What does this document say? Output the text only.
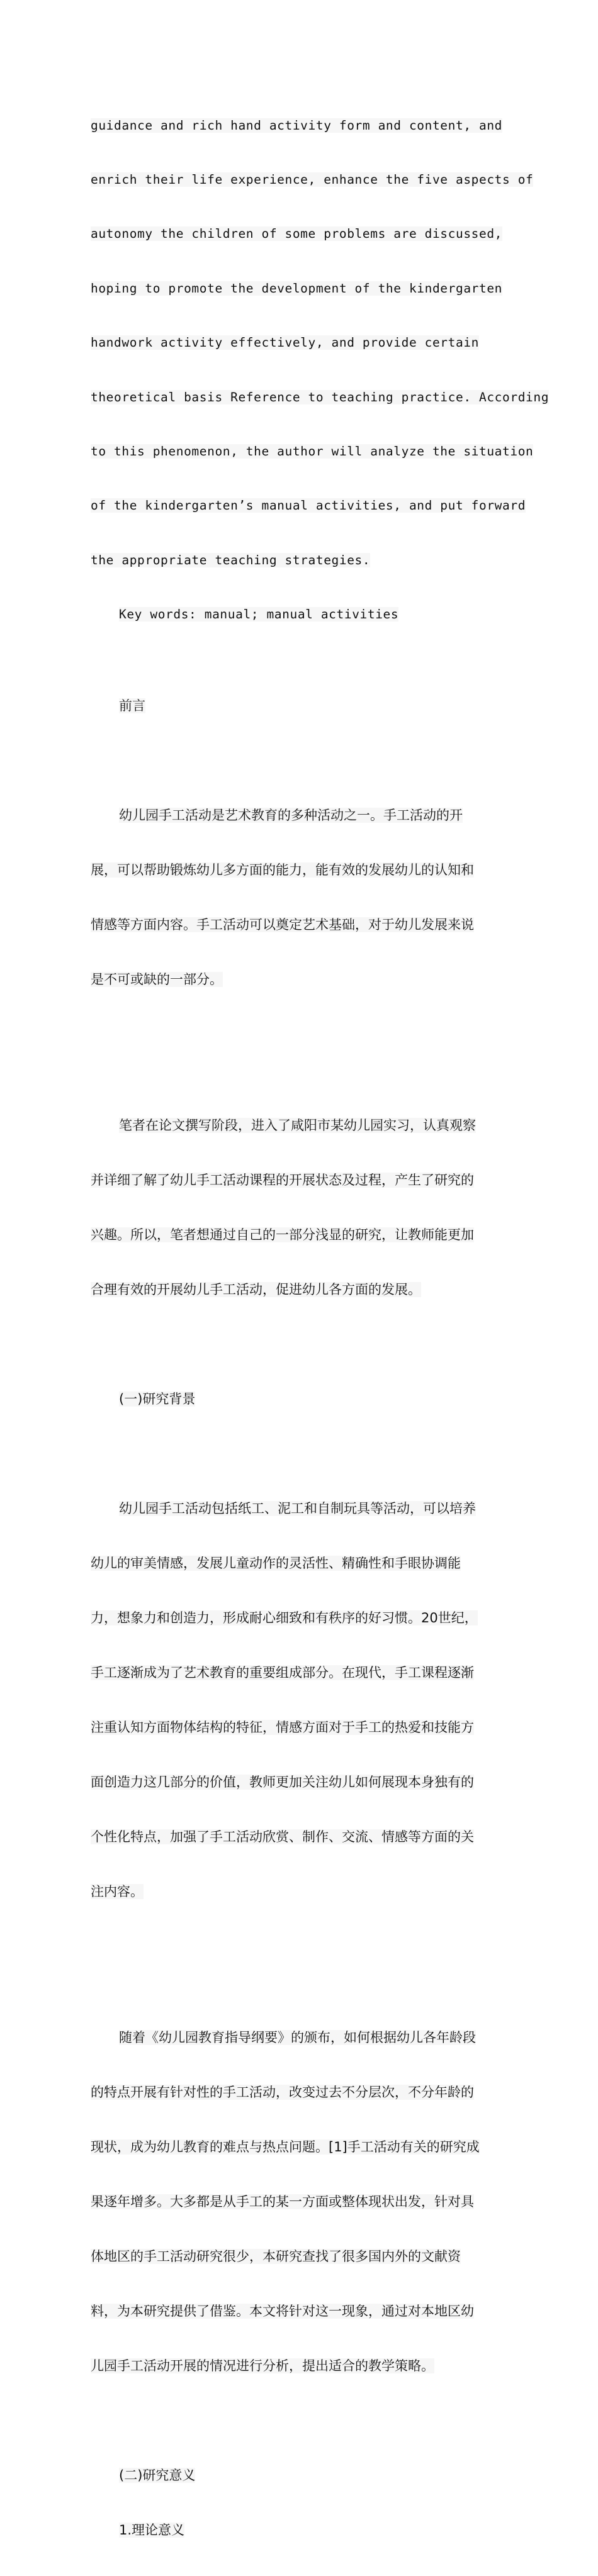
guidance and rich hand activity form and content, and

enrich their life experience, enhance the five aspects of

autonomy the children of some problems are discussed,

hoping to promote the development of the kindergarten

handwork activity effectively, and provide certain

theoretical basis Reference to teaching practice. According

to this phenomenon, the author will analyze the situation

of the kindergarten’s manual activities, and put forward

the appropriate teaching strategies.

Key words: manual; manual activities

前言

幼儿园手工活动是艺术教育的多种活动之一。手工活动的开

展，可以帮助锻炼幼儿多方面的能力，能有效的发展幼儿的认知和

情感等方面内容。手工活动可以奠定艺术基础，对于幼儿发展来说

是不可或缺的一部分。

笔者在论文撰写阶段，进入了咸阳市某幼儿园实习，认真观察

并详细了解了幼儿手工活动课程的开展状态及过程，产生了研究的

兴趣。所以，笔者想通过自己的一部分浅显的研究，让教师能更加

合理有效的开展幼儿手工活动，促进幼儿各方面的发展。

(一)研究背景

幼儿园手工活动包括纸工、泥工和自制玩具等活动，可以培养

幼儿的审美情感，发展儿童动作的灵活性、精确性和手眼协调能

力，想象力和创造力，形成耐心细致和有秩序的好习惯。20世纪，

手工逐渐成为了艺术教育的重要组成部分。在现代，手工课程逐渐

注重认知方面物体结构的特征，情感方面对于手工的热爱和技能方

面创造力这几部分的价值，教师更加关注幼儿如何展现本身独有的

个性化特点，加强了手工活动欣赏、制作、交流、情感等方面的关

注内容。

随着《幼儿园教育指导纲要》的颁布，如何根据幼儿各年龄段

的特点开展有针对性的手工活动，改变过去不分层次，不分年龄的

现状，成为幼儿教育的难点与热点问题。[1]手工活动有关的研究成

果逐年增多。大多都是从手工的某一方面或整体现状出发，针对具

体地区的手工活动研究很少，本研究查找了很多国内外的文献资

料，为本研究提供了借鉴。本文将针对这一现象，通过对本地区幼

儿园手工活动开展的情况进行分析，提出适合的教学策略。

(二)研究意义

1.理论意义
